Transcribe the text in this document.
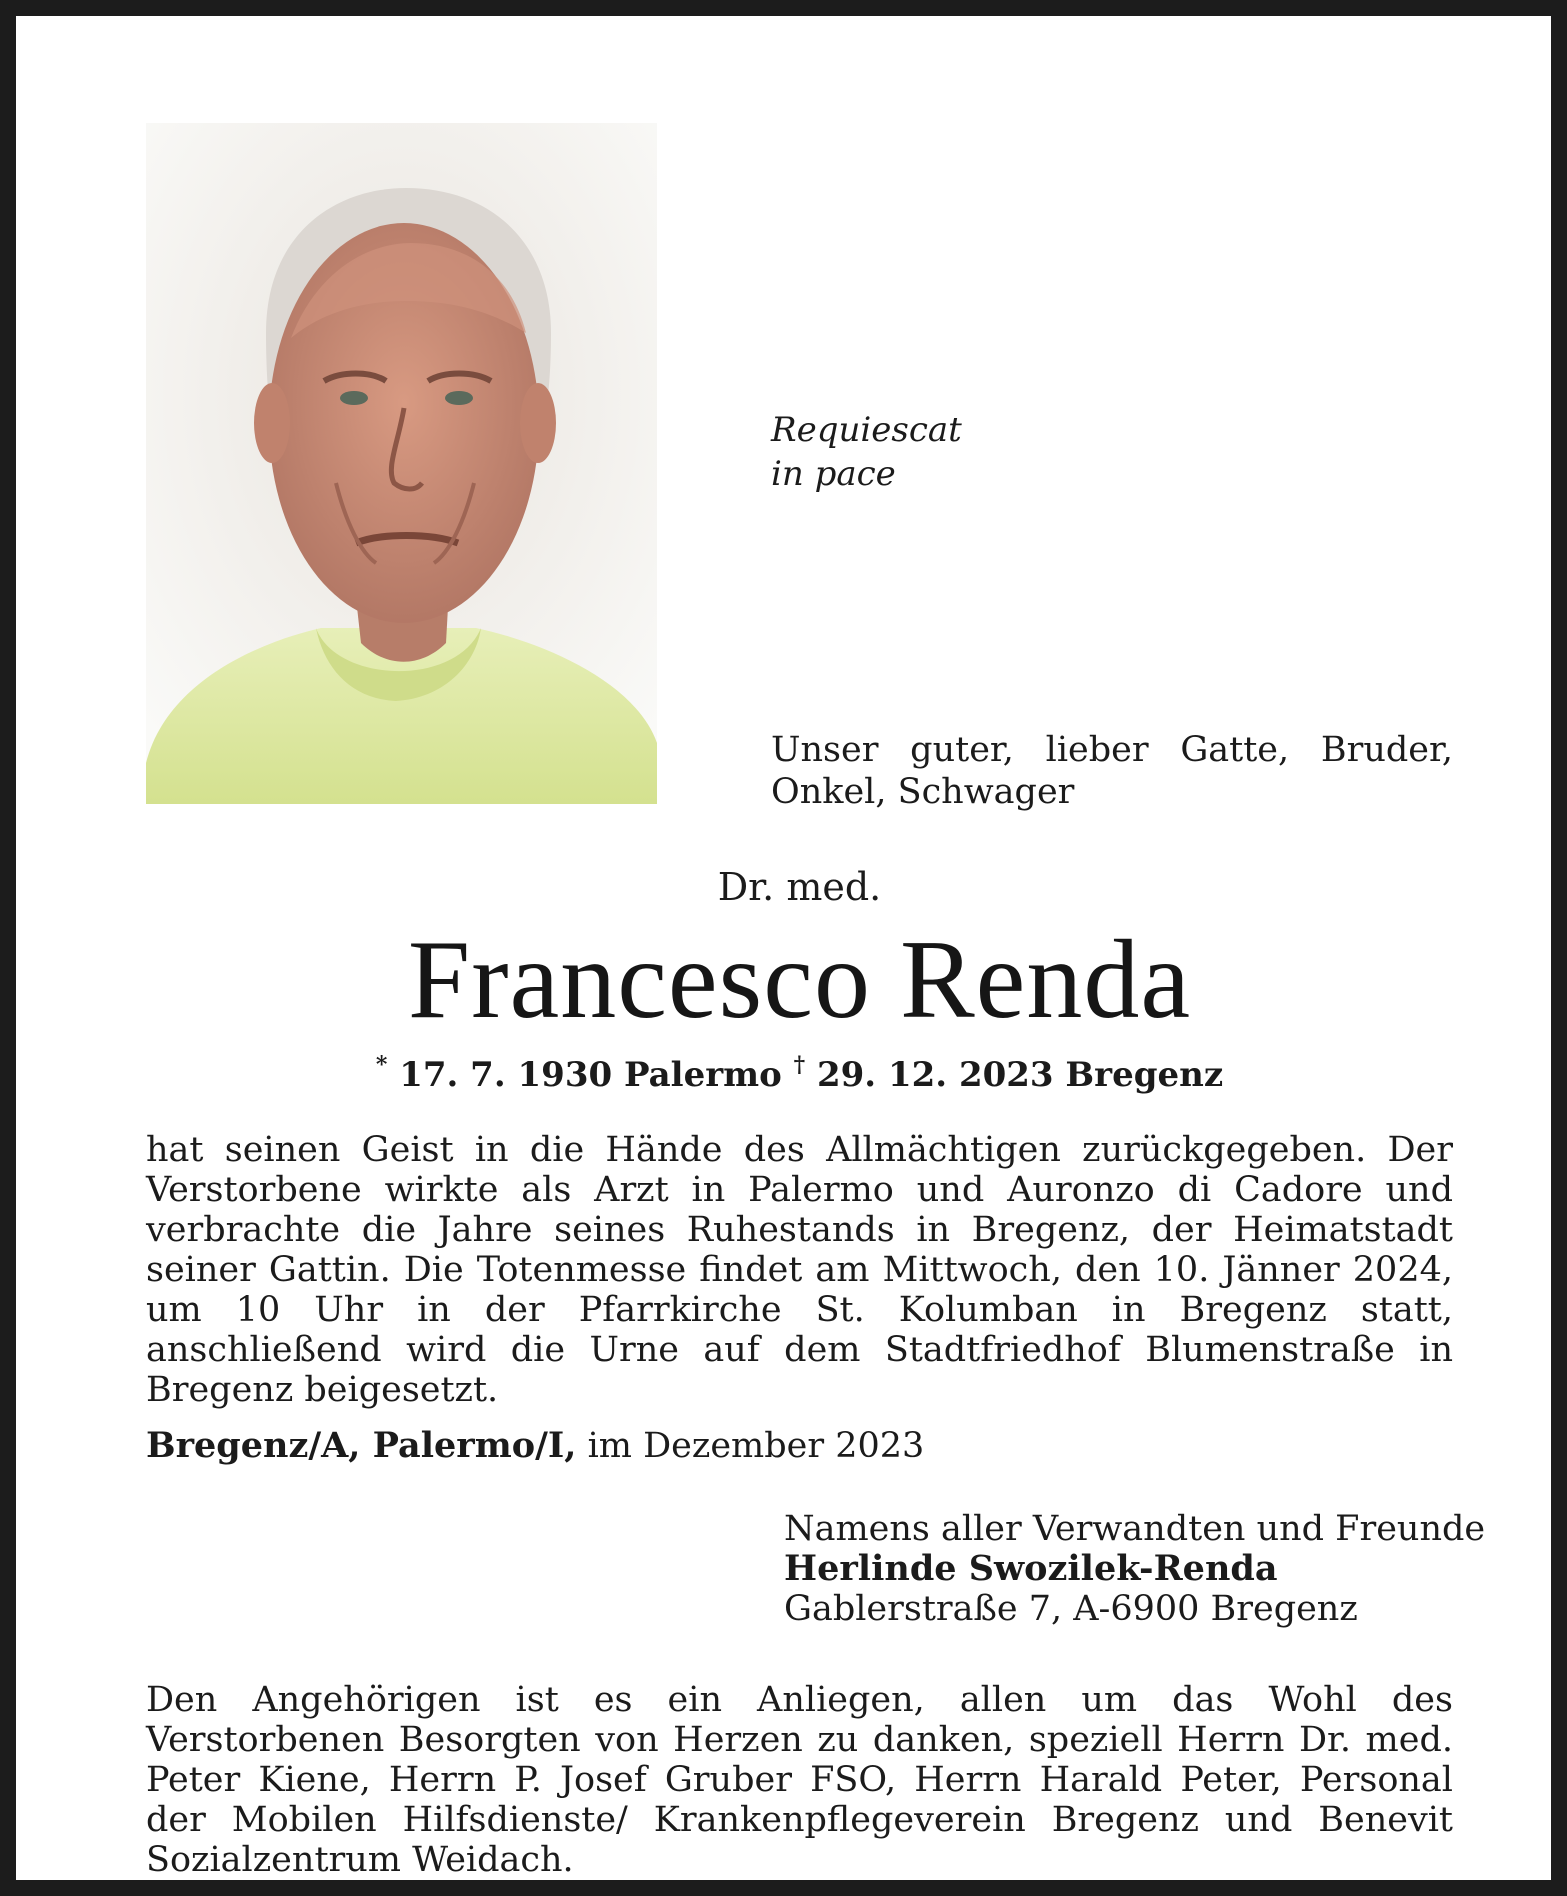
Requiescat
in pace
Unser guter, lieber Gatte, Bruder, Onkel, Schwager
Dr. med.
Francesco Renda
* 17. 7. 1930 Palermo † 29. 12. 2023 Bregenz
hat seinen Geist in die Hände des Allmächtigen zurückgegeben. Der Verstorbene wirkte als Arzt in Palermo und Auronzo di Cadore und verbrachte die Jahre seines Ruhestands in Bregenz, der Heimatstadt seiner Gattin. Die Totenmesse findet am Mittwoch, den 10. Jänner 2024, um 10 Uhr in der Pfarrkirche St. Kolumban in Bregenz statt, anschließend wird die Urne auf dem Stadtfriedhof Blumenstraße in Bregenz beigesetzt.
Bregenz/A, Palermo/I, im Dezember 2023
Namens aller Verwandten und Freunde
Herlinde Swozilek-Renda
Gablerstraße 7, A-6900 Bregenz
Den Angehörigen ist es ein Anliegen, allen um das Wohl des Verstorbenen Besorgten von Herzen zu danken, speziell Herrn Dr. med. Peter Kiene, Herrn P. Josef Gruber FSO, Herrn Harald Peter, Personal der Mobilen Hilfsdienste/ Krankenpflegeverein Bregenz und Benevit Sozialzentrum Weidach.
